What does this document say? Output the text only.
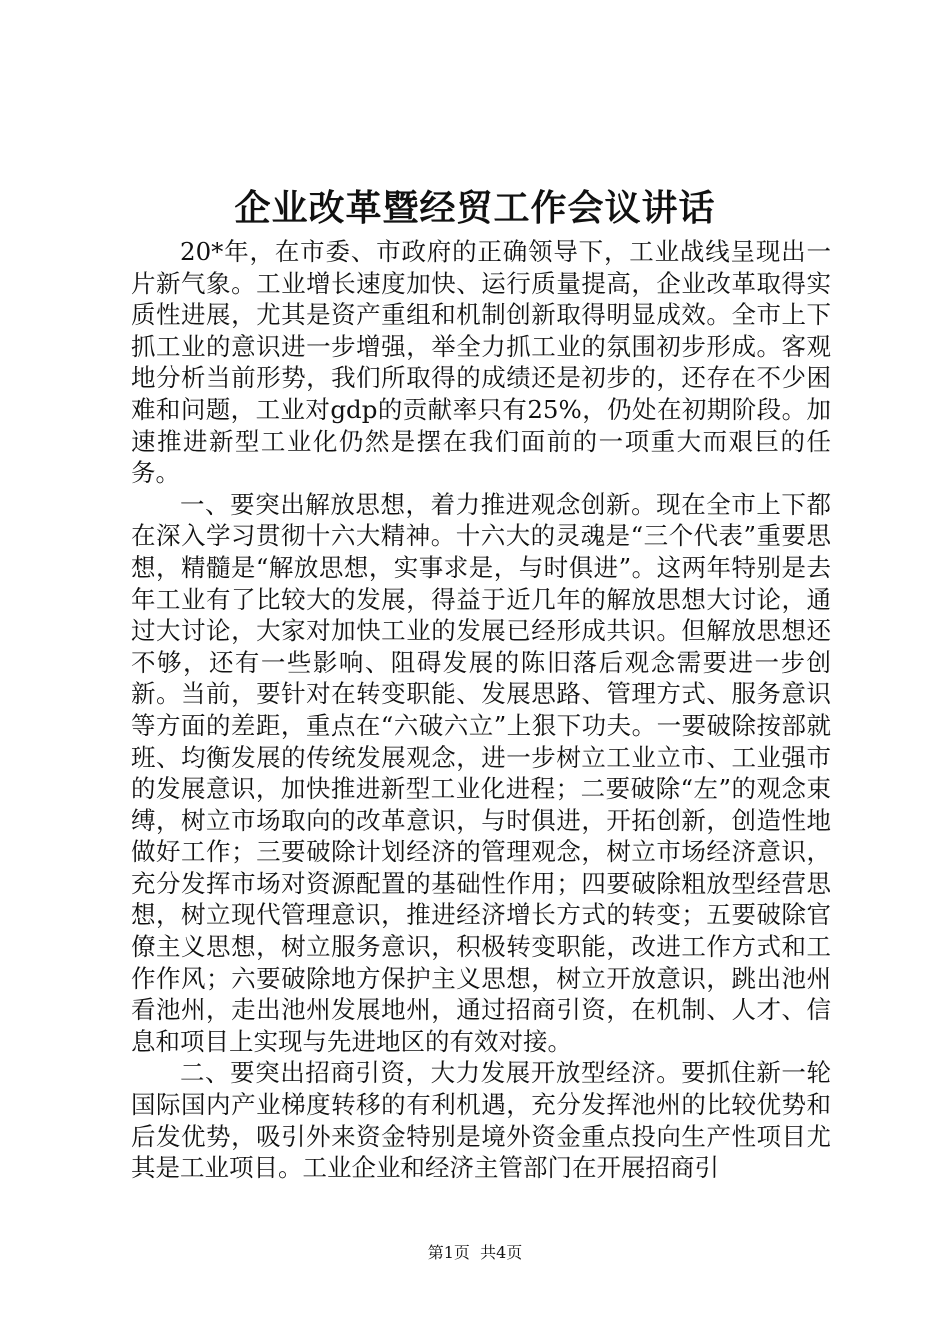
企业改革暨经贸工作会议讲话

20*年，在市委、市政府的正确领导下，工业战线呈现出一片新气象。工业增长速度加快、运行质量提高，企业改革取得实质性进展，尤其是资产重组和机制创新取得明显成效。全市上下抓工业的意识进一步增强，举全力抓工业的氛围初步形成。客观地分析当前形势，我们所取得的成绩还是初步的，还存在不少困难和问题，工业对gdp的贡献率只有25%，仍处在初期阶段。加速推进新型工业化仍然是摆在我们面前的一项重大而艰巨的任务。

一、要突出解放思想，着力推进观念创新。现在全市上下都在深入学习贯彻十六大精神。十六大的灵魂是“三个代表”重要思想，精髓是“解放思想，实事求是，与时俱进”。这两年特别是去年工业有了比较大的发展，得益于近几年的解放思想大讨论，通过大讨论，大家对加快工业的发展已经形成共识。但解放思想还不够，还有一些影响、阻碍发展的陈旧落后观念需要进一步创新。当前，要针对在转变职能、发展思路、管理方式、服务意识等方面的差距，重点在“六破六立”上狠下功夫。一要破除按部就班、均衡发展的传统发展观念，进一步树立工业立市、工业强市的发展意识，加快推进新型工业化进程；二要破除“左”的观念束缚，树立市场取向的改革意识，与时俱进，开拓创新，创造性地做好工作；三要破除计划经济的管理观念，树立市场经济意识，充分发挥市场对资源配置的基础性作用；四要破除粗放型经营思想，树立现代管理意识，推进经济增长方式的转变；五要破除官僚主义思想，树立服务意识，积极转变职能，改进工作方式和工作作风；六要破除地方保护主义思想，树立开放意识，跳出池州看池州，走出池州发展地州，通过招商引资，在机制、人才、信息和项目上实现与先进地区的有效对接。

二、要突出招商引资，大力发展开放型经济。要抓住新一轮国际国内产业梯度转移的有利机遇，充分发挥池州的比较优势和后发优势，吸引外来资金特别是境外资金重点投向生产性项目尤其是工业项目。工业企业和经济主管部门在开展招商引

第1页 共4页
